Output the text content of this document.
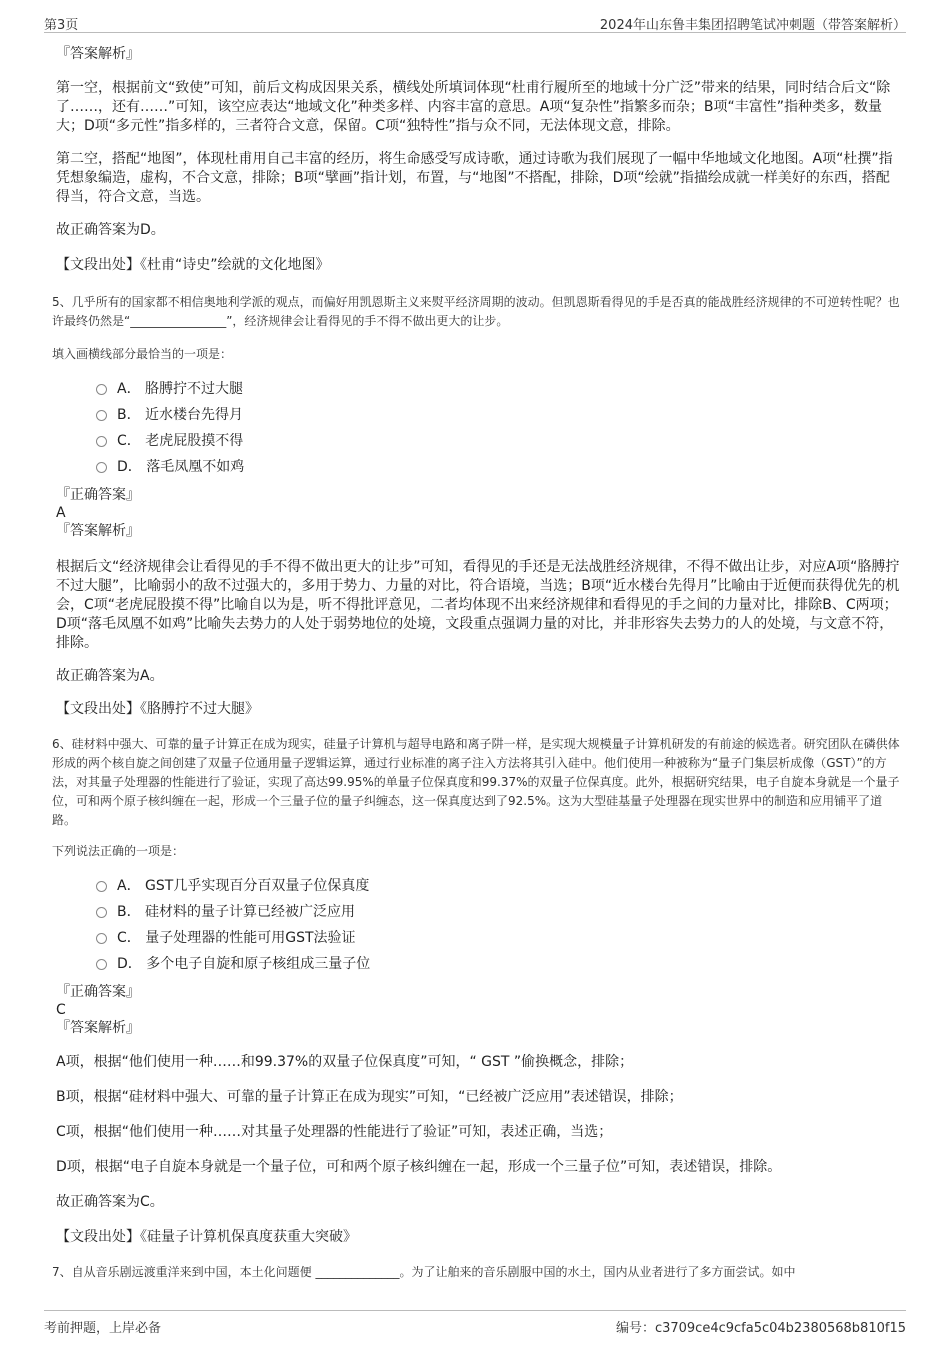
第3页	2024年山东鲁丰集团招聘笔试冲刺题（带答案解析）

『答案解析』

第一空，根据前文“致使”可知，前后文构成因果关系，横线处所填词体现“杜甫行履所至的地域十分广泛”带来的结果，同时结合后文“除了……，还有……”可知，该空应表达“地域文化”种类多样、内容丰富的意思。A项“复杂性”指繁多而杂；B项“丰富性”指种类多，数量大；D项“多元性”指多样的，三者符合文意，保留。C项“独特性”指与众不同，无法体现文意，排除。

第二空，搭配“地图”，体现杜甫用自己丰富的经历，将生命感受写成诗歌，通过诗歌为我们展现了一幅中华地域文化地图。A项“杜撰”指凭想象编造，虚构，不合文意，排除；B项“擘画”指计划，布置，与“地图”不搭配，排除，D项“绘就”指描绘成就一样美好的东西，搭配得当，符合文意，当选。

故正确答案为D。

【文段出处】《杜甫“诗史”绘就的文化地图》

5、几乎所有的国家都不相信奥地利学派的观点，而偏好用凯恩斯主义来熨平经济周期的波动。但凯恩斯看得见的手是否真的能战胜经济规律的不可逆转性呢？也许最终仍然是“________________”，经济规律会让看得见的手不得不做出更大的让步。

填入画横线部分最恰当的一项是：

A． 胳膊拧不过大腿
B． 近水楼台先得月
C． 老虎屁股摸不得
D． 落毛凤凰不如鸡

『正确答案』

A

『答案解析』

根据后文“经济规律会让看得见的手不得不做出更大的让步”可知，看得见的手还是无法战胜经济规律，不得不做出让步，对应A项“胳膊拧不过大腿”，比喻弱小的敌不过强大的，多用于势力、力量的对比，符合语境，当选；B项“近水楼台先得月”比喻由于近便而获得优先的机会，C项“老虎屁股摸不得”比喻自以为是，听不得批评意见，二者均体现不出来经济规律和看得见的手之间的力量对比，排除B、C两项；D项“落毛凤凰不如鸡”比喻失去势力的人处于弱势地位的处境，文段重点强调力量的对比，并非形容失去势力的人的处境，与文意不符，排除。

故正确答案为A。

【文段出处】《胳膊拧不过大腿》

6、硅材料中强大、可靠的量子计算正在成为现实，硅量子计算机与超导电路和离子阱一样，是实现大规模量子计算机研发的有前途的候选者。研究团队在磷供体形成的两个核自旋之间创建了双量子位通用量子逻辑运算，通过行业标准的离子注入方法将其引入硅中。他们使用一种被称为“量子门集层析成像（GST）”的方法，对其量子处理器的性能进行了验证，实现了高达99.95%的单量子位保真度和99.37%的双量子位保真度。此外，根据研究结果，电子自旋本身就是一个量子位，可和两个原子核纠缠在一起，形成一个三量子位的量子纠缠态，这一保真度达到了92.5%。这为大型硅基量子处理器在现实世界中的制造和应用铺平了道路。

下列说法正确的一项是：

A． GST几乎实现百分百双量子位保真度
B． 硅材料的量子计算已经被广泛应用
C． 量子处理器的性能可用GST法验证
D． 多个电子自旋和原子核组成三量子位

『正确答案』

C

『答案解析』

A项，根据“他们使用一种……和99.37%的双量子位保真度”可知，“ GST ”偷换概念，排除；

B项，根据“硅材料中强大、可靠的量子计算正在成为现实”可知，“已经被广泛应用”表述错误，排除；

C项，根据“他们使用一种……对其量子处理器的性能进行了验证”可知，表述正确，当选；

D项，根据“电子自旋本身就是一个量子位，可和两个原子核纠缠在一起，形成一个三量子位”可知，表述错误，排除。

故正确答案为C。

【文段出处】《硅量子计算机保真度获重大突破》

7、自从音乐剧远渡重洋来到中国，本土化问题便 ______________。为了让舶来的音乐剧服中国的水土，国内从业者进行了多方面尝试。如中

考前押题，上岸必备	编号：c3709ce4c9cfa5c04b2380568b810f15
